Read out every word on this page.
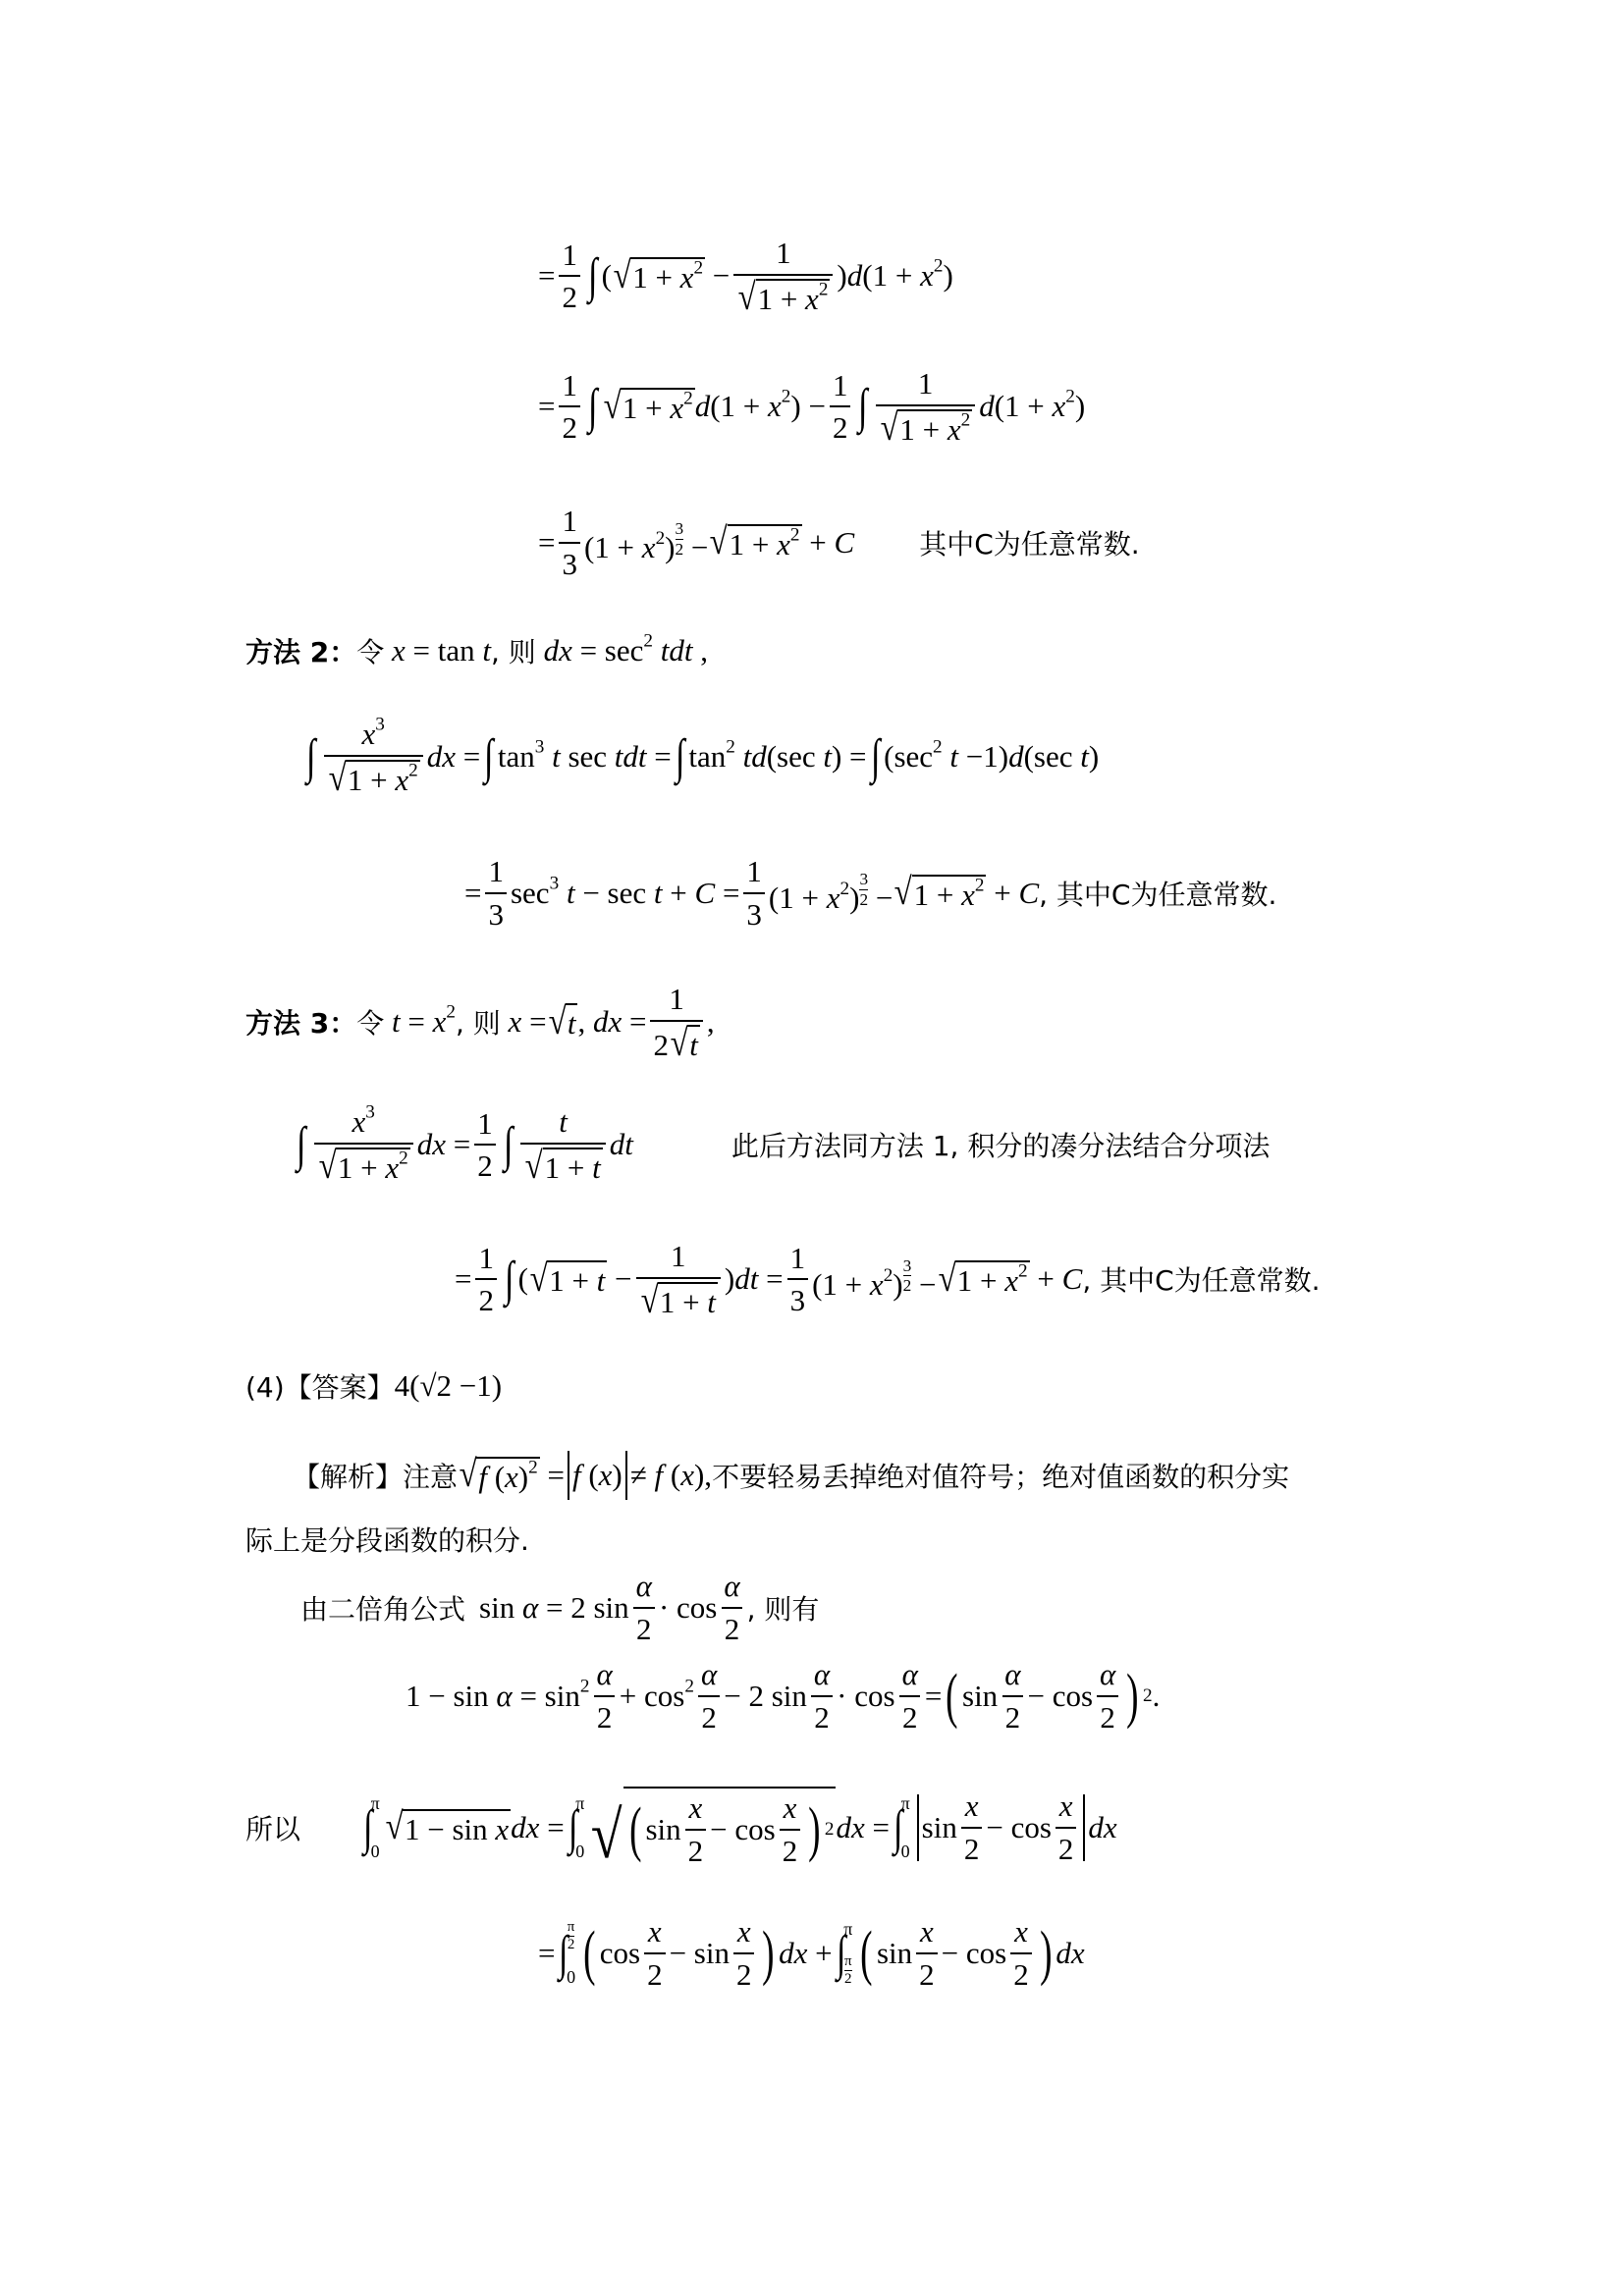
= $\frac{1}{2}$ ∫ ( √ $1 + x^2 - \frac{1}{√ 1 + x^2} )d(1 + x^2)$
= $\frac{1}{2}$ ∫ √ $1 + x^2$ $d(1 + x^2) - \frac{1}{2}$ ∫ $\frac{1}{√ 1 + x^2} d(1 + x^2)$
= $\frac{1}{3} (1 + x^2) ^{\frac{3}{2}}$ − √ $1 + x^2 + C$ 其中C为任意常数.
方法 2： 令 x = tan t , 则 dx = $\sec^2$ tdt ,
∫ $\frac{x^3}{√ 1 + x^2}$ dx = ∫ $\tan^3 t$ sec tdt = ∫ $\tan^2 td(\sec$ t) = ∫ ($\sec^2$ t −1)d(sec t)
= $\frac{1}{3} \sec^3 t - \sec t + C = \frac{1}{3} (1 + x^2) ^{\frac{3}{2}}$ − √ $1 + x^2 + C$ , 其中C为任意常数.
方法 3： 令 $t = x^2$ , 则 x = √ t , dx = $\frac{1}{2 √ t}$ ,
∫ $\frac{x^3}{√ 1 + x^2}$ dx = $\frac{1}{2}$ ∫ $\frac{t}{√ 1 + t}$ dt	此后方法同方法 1, 积分的凑分法结合分项法
= $\frac{1}{2}$ ∫ ( √ $1 + t - \frac{1}{√ 1 + t} )dt = \frac{1}{3} (1 + x^2)$ $^{\frac{3}{2}}$ − √ $1 + x^2 + C$ , 其中C为任意常数.
(4)【答案】 4(√2 −1)
【解析】 注意 √ f $(x)^2 = f$ (x) ≠ f (x), 不要轻易丢掉绝对值符号；绝对值函数的积分实
际上是分段函数的积分.
由二倍角公式 sin α = 2 $\sin \frac{\alpha}{2} \cdot \cos \frac{\alpha}{2}$ , 则有
$1 - \sin \alpha = \sin^2 \frac{\alpha}{2} + \cos^2 \frac{\alpha}{2} - 2$ $\sin \frac{\alpha}{2} \cdot \cos \frac{\alpha}{2}$ = ( $\sin \frac{\alpha}{2} - \cos \frac{\alpha}{2}$ ) 2 .
所以 ∫
π
0
√ 1 − sin x dx = ∫
π
0 √ ( $\sin \frac{x}{2} - \cos \frac{x}{2}$ ) 2 dx = ∫
π
0
$\sin \frac{x}{2} - \cos \frac{x}{2}$ dx
= ∫
π
2
0 ( $\cos \frac{x}{2} - \sin \frac{x}{2}$ ) dx + ∫
π
π
2 ( $\sin \frac{x}{2} - \cos \frac{x}{2}$ ) dx
